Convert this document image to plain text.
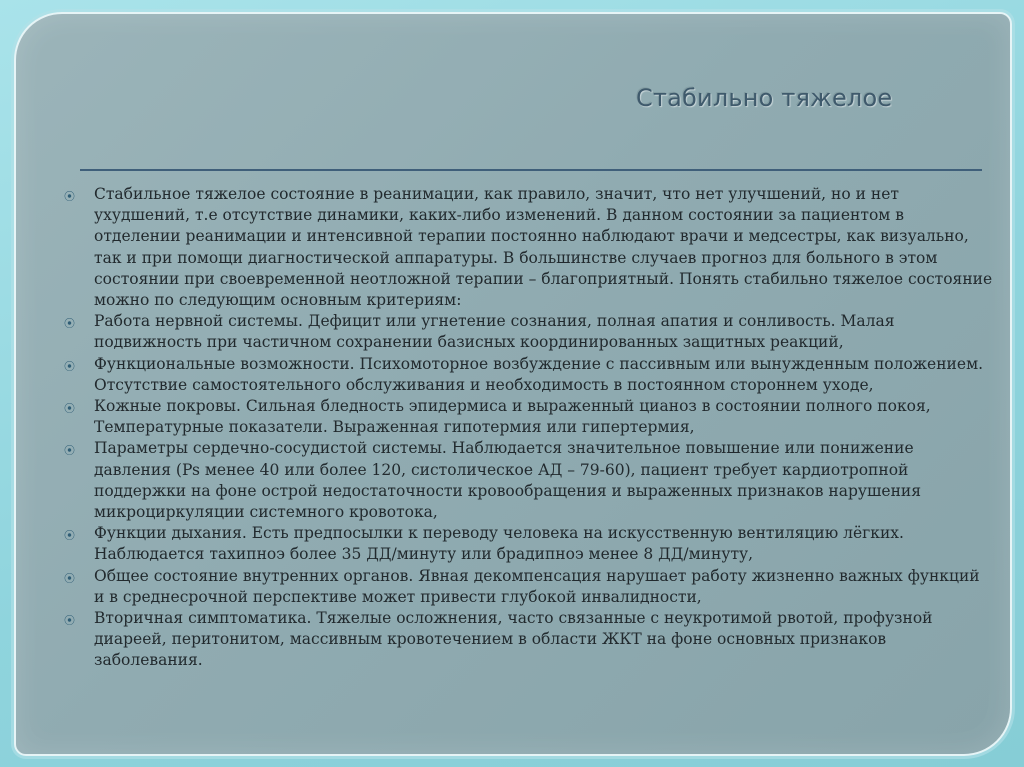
Стабильно тяжелое
⦿ Стабильное тяжелое состояние в реанимации, как правило, значит, что нет улучшений, но и нет ухудшений, т.е отсутствие динамики, каких-либо изменений. В данном состоянии за пациентом в отделении реанимации и интенсивной терапии постоянно наблюдают врачи и медсестры, как визуально, так и при помощи диагностической аппаратуры. В большинстве случаев прогноз для больного в этом состоянии при своевременной неотложной терапии – благоприятный. Понять стабильно тяжелое состояние можно по следующим основным критериям:
⦿ Работа нервной системы. Дефицит или угнетение сознания, полная апатия и сонливость. Малая подвижность при частичном сохранении базисных координированных защитных реакций,
⦿ Функциональные возможности. Психомоторное возбуждение с пассивным или вынужденным положением. Отсутствие самостоятельного обслуживания и необходимость в постоянном стороннем уходе,
⦿ Кожные покровы. Сильная бледность эпидермиса и выраженный цианоз в состоянии полного покоя, Температурные показатели. Выраженная гипотермия или гипертермия,
⦿ Параметры сердечно-сосудистой системы. Наблюдается значительное повышение или понижение давления (Ps менее 40 или более 120, систолическое АД – 79-60), пациент требует кардиотропной поддержки на фоне острой недостаточности кровообращения и выраженных признаков нарушения микроциркуляции системного кровотока,
⦿ Функции дыхания. Есть предпосылки к переводу человека на искусственную вентиляцию лёгких. Наблюдается тахипноэ более 35 ДД/минуту или брадипноэ менее 8 ДД/минуту,
⦿ Общее состояние внутренних органов. Явная декомпенсация нарушает работу жизненно важных функций и в среднесрочной перспективе может привести глубокой инвалидности,
⦿ Вторичная симптоматика. Тяжелые осложнения, часто связанные с неукротимой рвотой, профузной диареей, перитонитом, массивным кровотечением в области ЖКТ на фоне основных признаков заболевания.
